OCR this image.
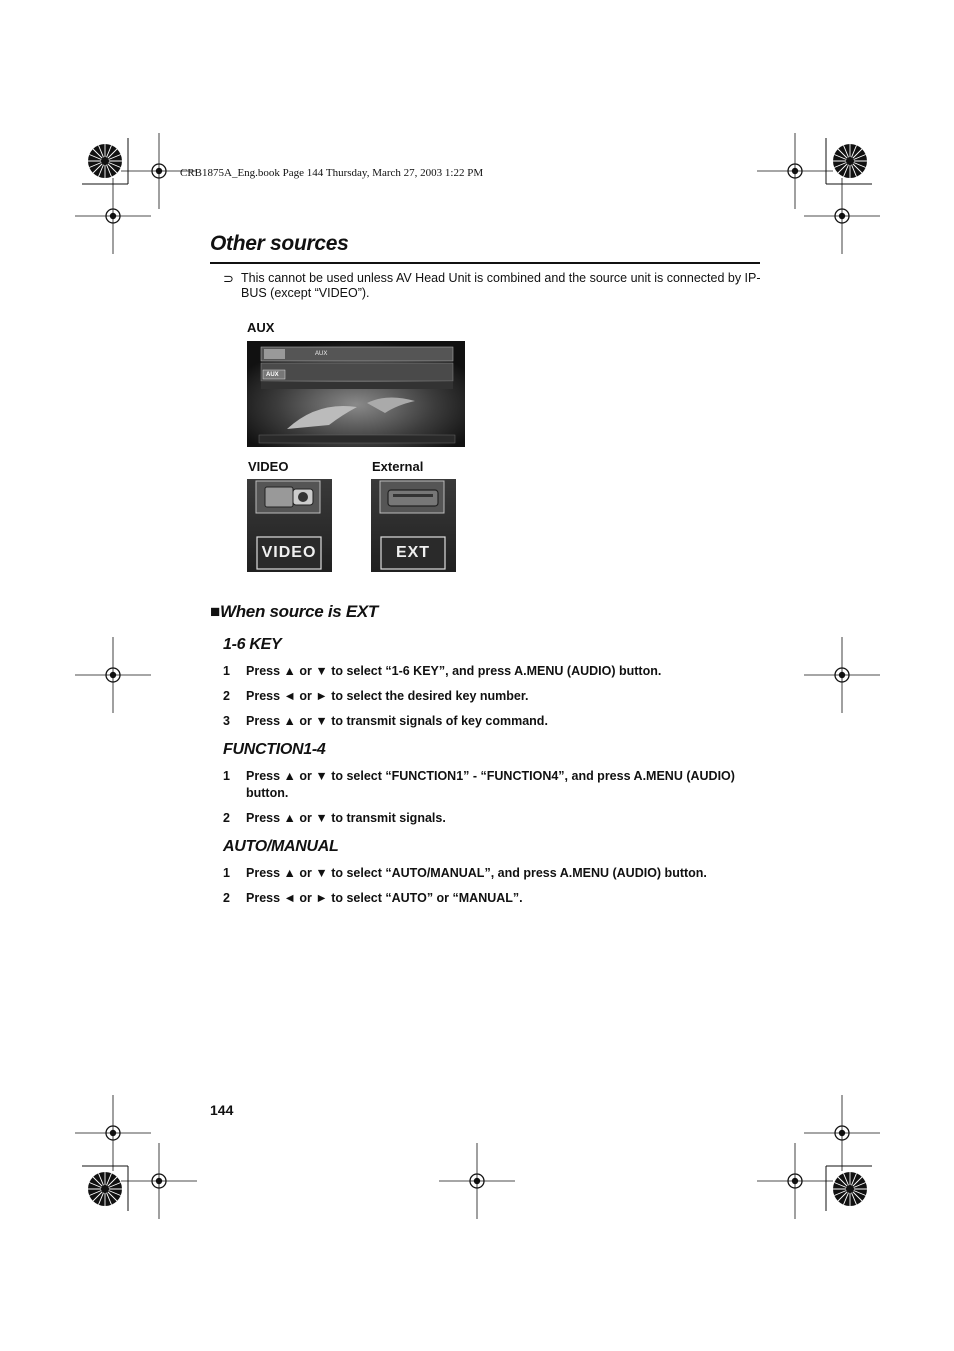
CRB1875A_Eng.book Page 144 Thursday, March 27, 2003 1:22 PM
Other sources
⊃ This cannot be used unless AV Head Unit is combined and the source unit is connected by IP-BUS (except “VIDEO”).
AUX
AUX
AUX
VIDEO
VIDEO
External
EXT
■When source is EXT
1-6 KEY
1 Press ▲ or ▼ to select “1-6 KEY”, and press A.MENU (AUDIO) button.
2 Press ◄ or ► to select the desired key number.
3 Press ▲ or ▼ to transmit signals of key command.
FUNCTION1-4
1 Press ▲ or ▼ to select “FUNCTION1” - “FUNCTION4”, and press A.MENU (AUDIO) button.
2 Press ▲ or ▼ to transmit signals.
AUTO/MANUAL
1 Press ▲ or ▼ to select “AUTO/MANUAL”, and press A.MENU (AUDIO) button.
2 Press ◄ or ► to select “AUTO” or “MANUAL”.
144
